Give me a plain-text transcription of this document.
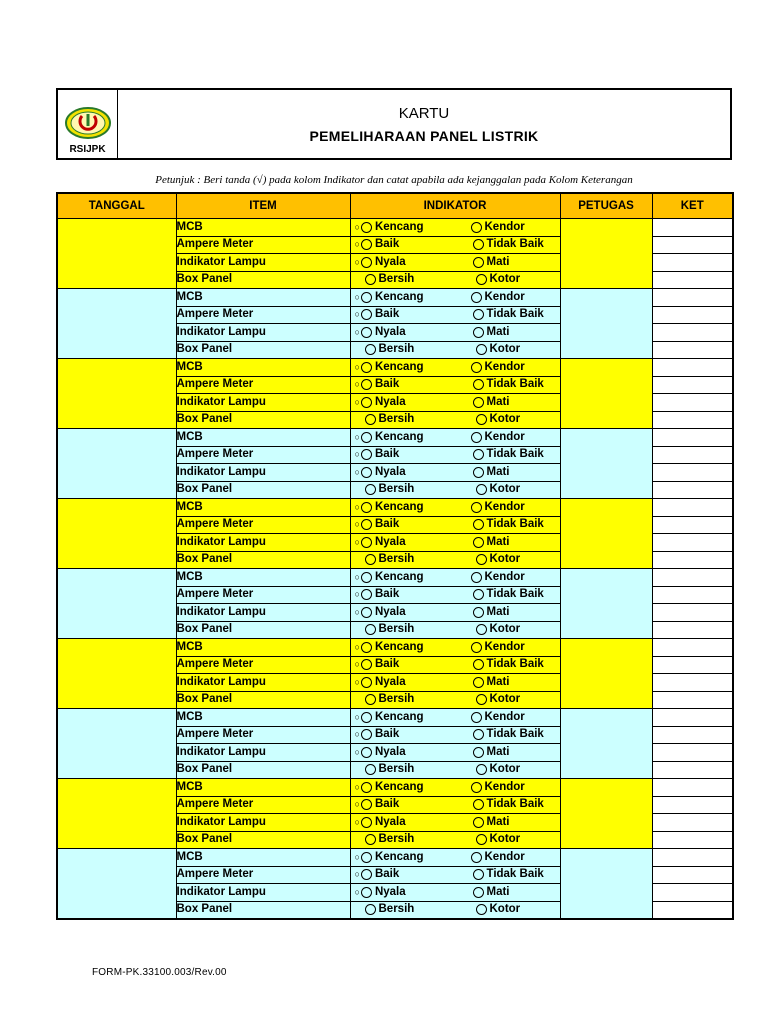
RSIJPK
KARTU
PEMELIHARAAN PANEL LISTRIK
Petunjuk : Beri tanda (√) pada kolom Indikator dan catat apabila ada kejanggalan pada Kolom Keterangan
TANGGAL	ITEM	INDIKATOR	PETUGAS	KET
	MCB	○ Kencang Kendor		

	Ampere Meter	○ Baik Tidak Baik		

	Indikator Lampu	○ Nyala Mati		

	Box Panel	Bersih Kotor		

	MCB	○ Kencang Kendor		

	Ampere Meter	○ Baik Tidak Baik		

	Indikator Lampu	○ Nyala Mati		

	Box Panel	Bersih Kotor		

	MCB	○ Kencang Kendor		

	Ampere Meter	○ Baik Tidak Baik		

	Indikator Lampu	○ Nyala Mati		

	Box Panel	Bersih Kotor		

	MCB	○ Kencang Kendor		

	Ampere Meter	○ Baik Tidak Baik		

	Indikator Lampu	○ Nyala Mati		

	Box Panel	Bersih Kotor		

	MCB	○ Kencang Kendor		

	Ampere Meter	○ Baik Tidak Baik		

	Indikator Lampu	○ Nyala Mati		

	Box Panel	Bersih Kotor		

	MCB	○ Kencang Kendor		

	Ampere Meter	○ Baik Tidak Baik		

	Indikator Lampu	○ Nyala Mati		

	Box Panel	Bersih Kotor		

	MCB	○ Kencang Kendor		

	Ampere Meter	○ Baik Tidak Baik		

	Indikator Lampu	○ Nyala Mati		

	Box Panel	Bersih Kotor		

	MCB	○ Kencang Kendor		

	Ampere Meter	○ Baik Tidak Baik		

	Indikator Lampu	○ Nyala Mati		

	Box Panel	Bersih Kotor		

	MCB	○ Kencang Kendor		

	Ampere Meter	○ Baik Tidak Baik		

	Indikator Lampu	○ Nyala Mati		

	Box Panel	Bersih Kotor		

	MCB	○ Kencang Kendor		

	Ampere Meter	○ Baik Tidak Baik		

	Indikator Lampu	○ Nyala Mati		

	Box Panel	Bersih Kotor		

FORM-PK.33100.003/Rev.00
